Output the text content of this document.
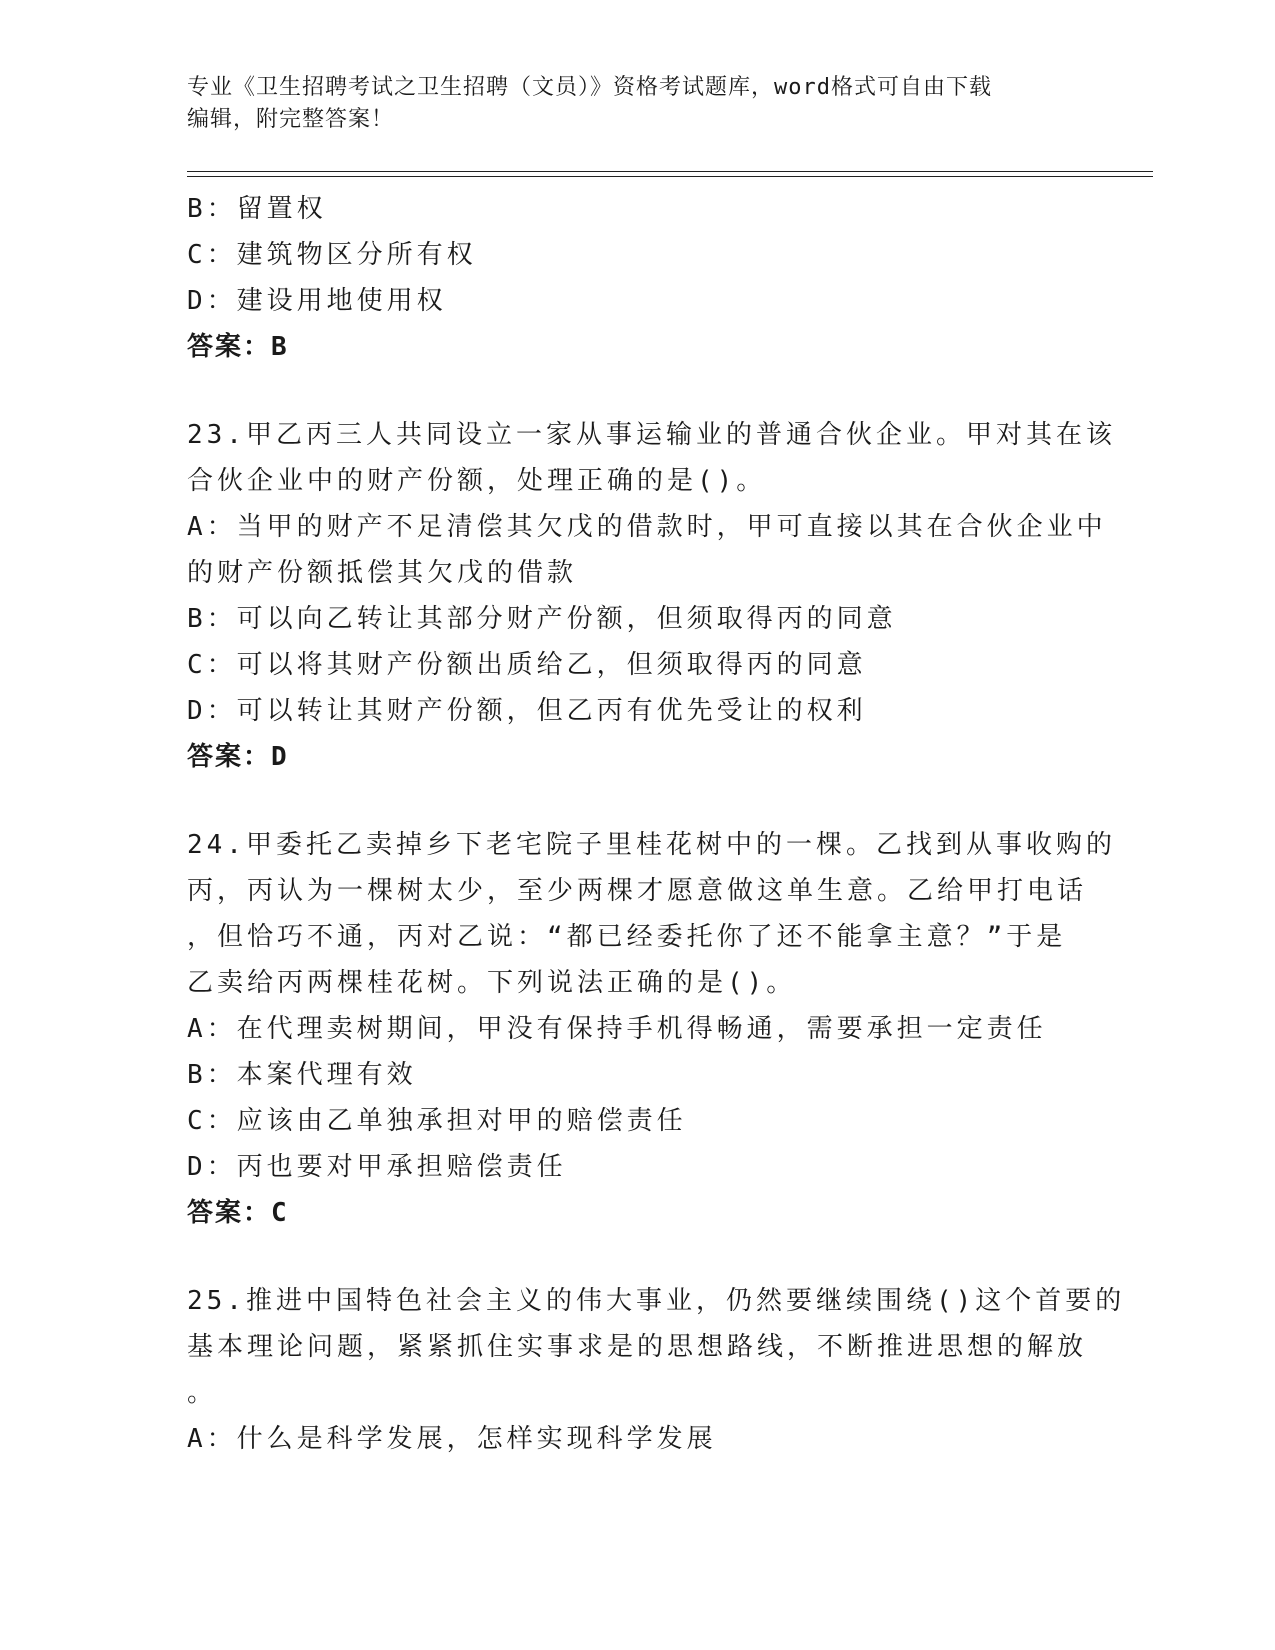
专业《卫生招聘考试之卫生招聘（文员）》资格考试题库，word格式可自由下载
编辑，附完整答案！
B：留置权
C：建筑物区分所有权
D：建设用地使用权
答案：B
23.甲乙丙三人共同设立一家从事运输业的普通合伙企业。甲对其在该
合伙企业中的财产份额，处理正确的是()。
A：当甲的财产不足清偿其欠戊的借款时，甲可直接以其在合伙企业中
的财产份额抵偿其欠戊的借款
B：可以向乙转让其部分财产份额，但须取得丙的同意
C：可以将其财产份额出质给乙，但须取得丙的同意
D：可以转让其财产份额，但乙丙有优先受让的权利
答案：D
24.甲委托乙卖掉乡下老宅院子里桂花树中的一棵。乙找到从事收购的
丙，丙认为一棵树太少，至少两棵才愿意做这单生意。乙给甲打电话
，但恰巧不通，丙对乙说：“都已经委托你了还不能拿主意？”于是
乙卖给丙两棵桂花树。下列说法正确的是()。
A：在代理卖树期间，甲没有保持手机得畅通，需要承担一定责任
B：本案代理有效
C：应该由乙单独承担对甲的赔偿责任
D：丙也要对甲承担赔偿责任
答案：C
25.推进中国特色社会主义的伟大事业，仍然要继续围绕()这个首要的
基本理论问题，紧紧抓住实事求是的思想路线，不断推进思想的解放
。
A：什么是科学发展，怎样实现科学发展
